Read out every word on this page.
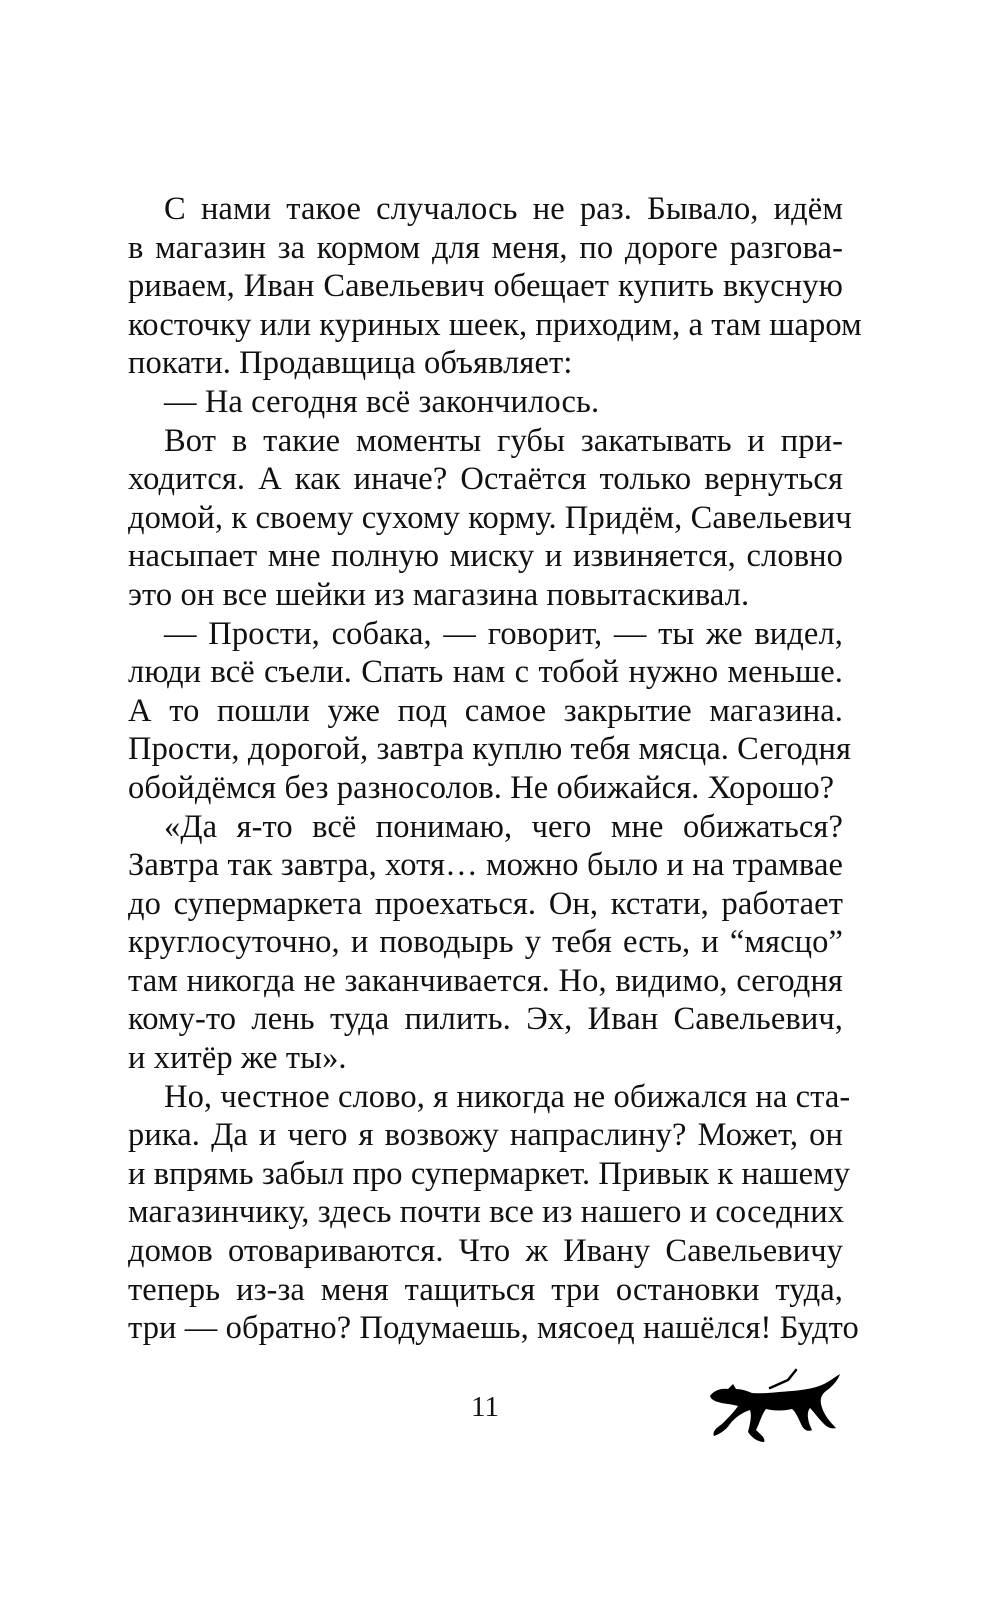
С нами такое случалось не раз. Бывало, идём
в магазин за кормом для меня, по дороге разгова-
риваем, Иван Савельевич обещает купить вкусную
косточку или куриных шеек, приходим, а там шаром
покати. Продавщица объявляет:
— На сегодня всё закончилось.
Вот в такие моменты губы закатывать и при-
ходится. А как иначе? Остаётся только вернуться
домой, к своему сухому корму. Придём, Савельевич
насыпает мне полную миску и извиняется, словно
это он все шейки из магазина повытаскивал.
— Прости, собака, — говорит, — ты же видел,
люди всё съели. Спать нам с тобой нужно меньше.
А то пошли уже под самое закрытие магазина.
Прости, дорогой, завтра куплю тебя мясца. Сегодня
обойдёмся без разносолов. Не обижайся. Хорошо?
«Да я-то всё понимаю, чего мне обижаться?
Завтра так завтра, хотя… можно было и на трамвае
до супермаркета проехаться. Он, кстати, работает
круглосуточно, и поводырь у тебя есть, и “мясцо”
там никогда не заканчивается. Но, видимо, сегодня
кому-то лень туда пилить. Эх, Иван Савельевич,
и хитёр же ты».
Но, честное слово, я никогда не обижался на ста-
рика. Да и чего я возвожу напраслину? Может, он
и впрямь забыл про супермаркет. Привык к нашему
магазинчику, здесь почти все из нашего и соседних
домов отовариваются. Что ж Ивану Савельевичу
теперь из-за меня тащиться три остановки туда,
три — обратно? Подумаешь, мясоед нашёлся! Будто
11
